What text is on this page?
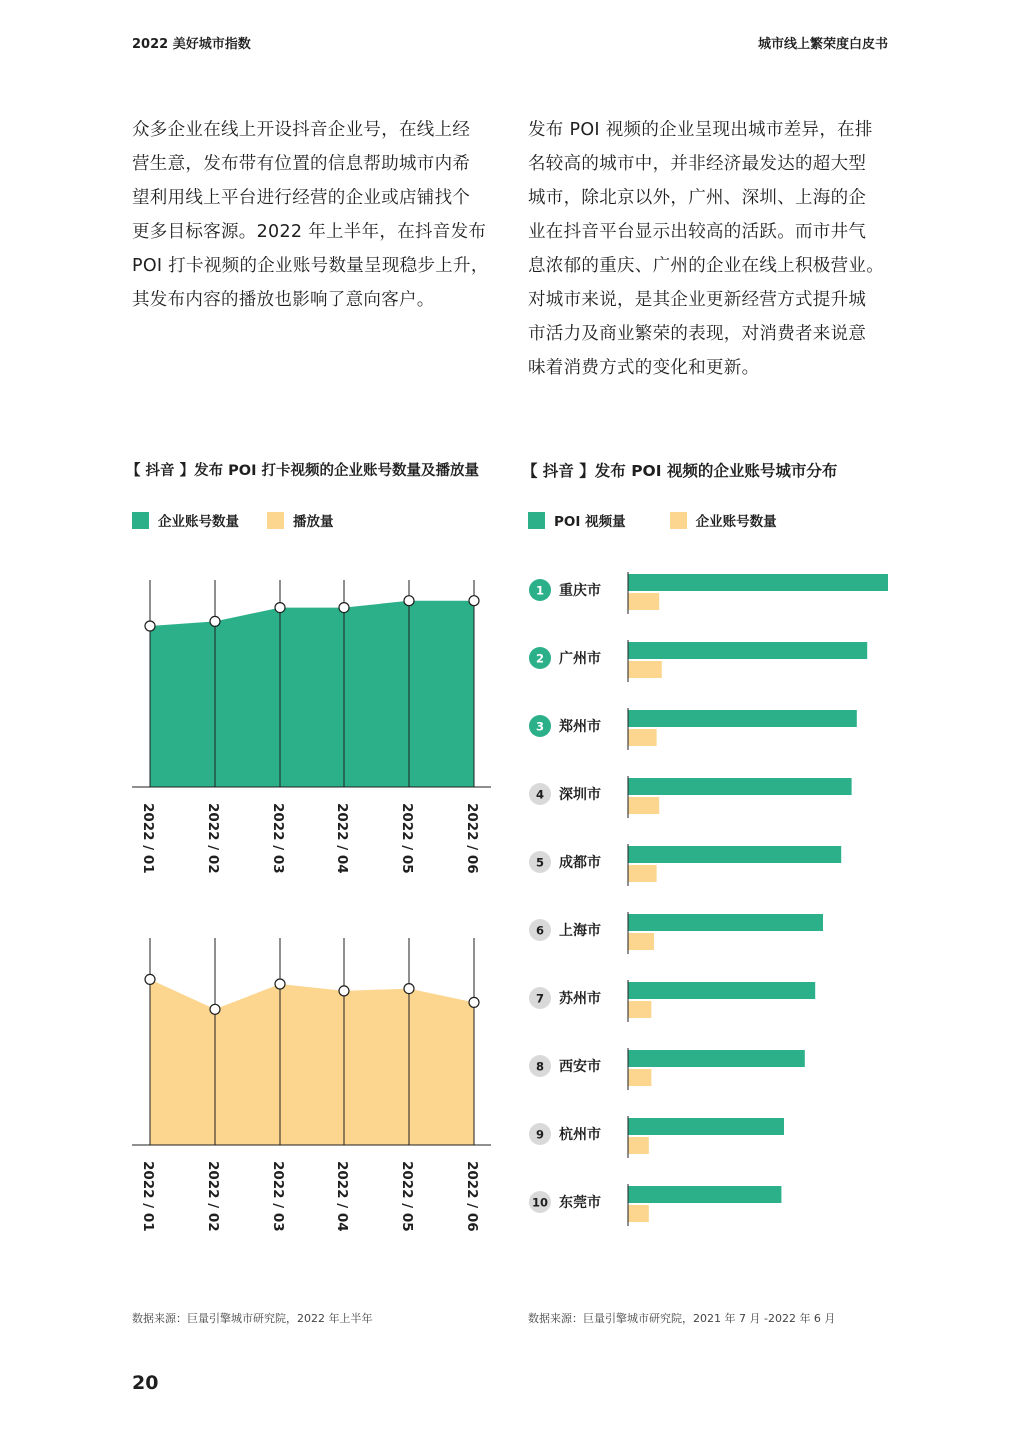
2022 美好城市指数	城市线上繁荣度白皮书
众多企业在线上开设抖音企业号，在线上经
营生意，发布带有位置的信息帮助城市内希
望利用线上平台进行经营的企业或店铺找个
更多目标客源。2022 年上半年，在抖音发布
POI 打卡视频的企业账号数量呈现稳步上升，
其发布内容的播放也影响了意向客户。
发布 POI 视频的企业呈现出城市差异，在排
名较高的城市中，并非经济最发达的超大型
城市，除北京以外，广州、深圳、上海的企
业在抖音平台显示出较高的活跃。而市井气
息浓郁的重庆、广州的企业在线上积极营业。
对城市来说，是其企业更新经营方式提升城
市活力及商业繁荣的表现，对消费者来说意
味着消费方式的变化和更新。
【 抖音 】发布 POI 打卡视频的企业账号数量及播放量
企业账号数量	播放量
【 抖音 】发布 POI 视频的企业账号城市分布
POI 视频量	企业账号数量
2022 / 01	2022 / 02	2022 / 03	2022 / 04	2022 / 05	2022 / 06
2022 / 01	2022 / 02	2022 / 03	2022 / 04	2022 / 05	2022 / 06
1 重庆市
2 广州市
3 郑州市
4 深圳市
5 成都市
6 上海市
7 苏州市
8 西安市
9 杭州市
10 东莞市
数据来源：巨量引擎城市研究院，2022 年上半年	数据来源：巨量引擎城市研究院，2021 年 7 月 -2022 年 6 月
20
